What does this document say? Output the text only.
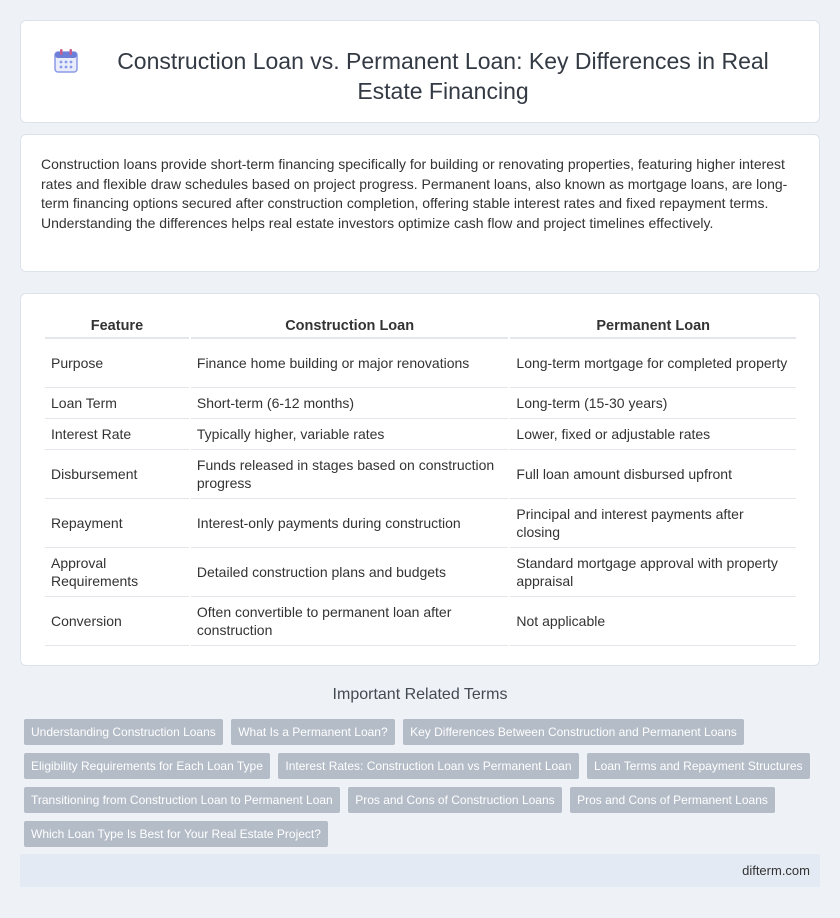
Construction Loan vs. Permanent Loan: Key Differences in Real Estate Financing

Construction loans provide short-term financing specifically for building or renovating properties, featuring higher interest rates and flexible draw schedules based on project progress. Permanent loans, also known as mortgage loans, are long-term financing options secured after construction completion, offering stable interest rates and fixed repayment terms. Understanding the differences helps real estate investors optimize cash flow and project timelines effectively.

Feature	Construction Loan	Permanent Loan
Purpose	Finance home building or major renovations	Long-term mortgage for completed property
Loan Term	Short-term (6-12 months)	Long-term (15-30 years)
Interest Rate	Typically higher, variable rates	Lower, fixed or adjustable rates
Disbursement	Funds released in stages based on construction progress	Full loan amount disbursed upfront
Repayment	Interest-only payments during construction	Principal and interest payments after closing
Approval Requirements	Detailed construction plans and budgets	Standard mortgage approval with property appraisal
Conversion	Often convertible to permanent loan after construction	Not applicable
Important Related Terms
Understanding Construction Loans What Is a Permanent Loan? Key Differences Between Construction and Permanent Loans Eligibility Requirements for Each Loan Type Interest Rates: Construction Loan vs Permanent Loan Loan Terms and Repayment Structures Transitioning from Construction Loan to Permanent Loan Pros and Cons of Construction Loans Pros and Cons of Permanent Loans Which Loan Type Is Best for Your Real Estate Project?
difterm.com
